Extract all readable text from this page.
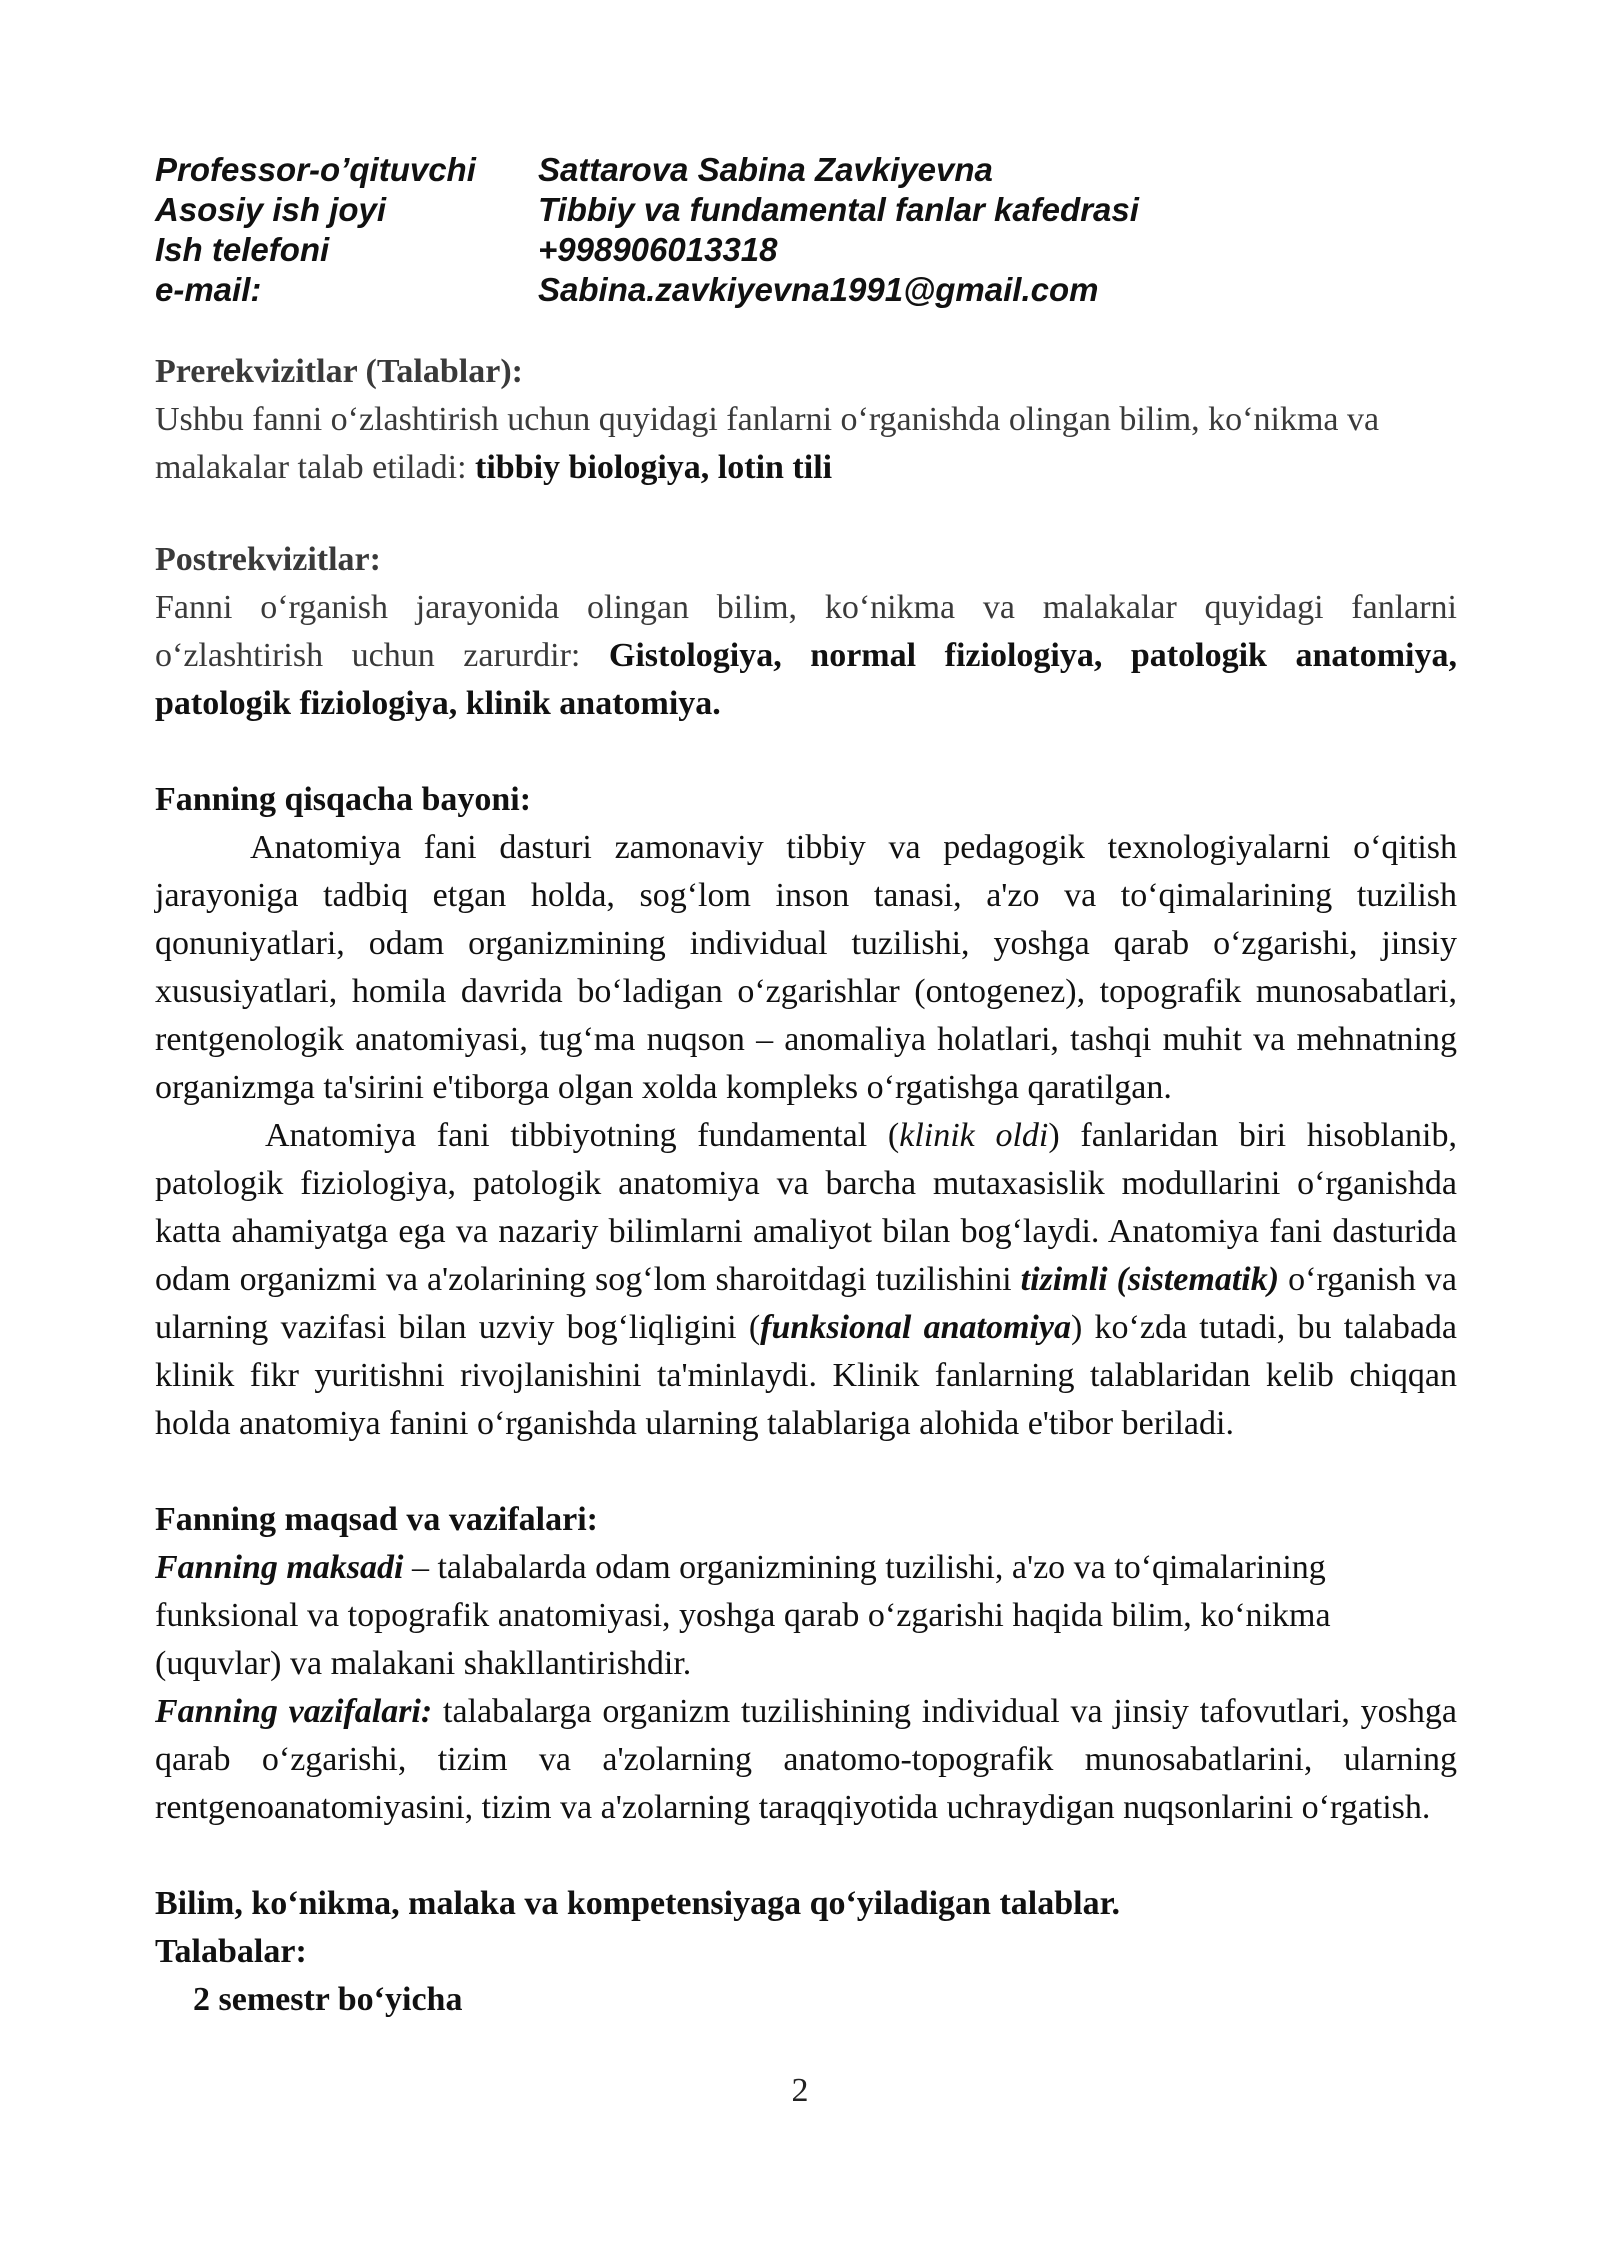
Professor-o’qituvchi	Sattarova Sabina Zavkiyevna
Asosiy ish joyi	Tibbiy va fundamental fanlar kafedrasi
Ish telefoni	+998906013318
e-mail:	Sabina.zavkiyevna1991@gmail.com

Prerekvizitlar (Talablar):

Ushbu fanni o‘zlashtirish uchun quyidagi fanlarni o‘rganishda olingan bilim, ko‘nikma va malakalar talab etiladi: tibbiy biologiya, lotin tili

Postrekvizitlar:

Fanni o‘rganish jarayonida olingan bilim, ko‘nikma va malakalar quyidagi fanlarni o‘zlashtirish uchun zarurdir: Gistologiya, normal fiziologiya, patologik anatomiya, patologik fiziologiya, klinik anatomiya.

Fanning qisqacha bayoni:

Anatomiya fani dasturi zamonaviy tibbiy va pedagogik texnologiyalarni o‘qitish jarayoniga tadbiq etgan holda, sog‘lom inson tanasi, a'zo va to‘qimalarining tuzilish qonuniyatlari, odam organizmining individual tuzilishi, yoshga qarab o‘zgarishi, jinsiy xususiyatlari, homila davrida bo‘ladigan o‘zgarishlar (ontogenez), topografik munosabatlari, rentgenologik anatomiyasi, tug‘ma nuqson – anomaliya holatlari, tashqi muhit va mehnatning organizmga ta'sirini e'tiborga olgan xolda kompleks o‘rgatishga qaratilgan.

Anatomiya fani tibbiyotning fundamental (klinik oldi) fanlaridan biri hisoblanib, patologik fiziologiya, patologik anatomiya va barcha mutaxasislik modullarini o‘rganishda katta ahamiyatga ega va nazariy bilimlarni amaliyot bilan bog‘laydi. Anatomiya fani dasturida odam organizmi va a'zolarining sog‘lom sharoitdagi tuzilishini tizimli (sistematik) o‘rganish va ularning vazifasi bilan uzviy bog‘liqligini (funksional anatomiya) ko‘zda tutadi, bu talabada klinik fikr yuritishni rivojlanishini ta'minlaydi. Klinik fanlarning talablaridan kelib chiqqan holda anatomiya fanini o‘rganishda ularning talablariga alohida e'tibor beriladi.

Fanning maqsad va vazifalari:

Fanning maksadi – talabalarda odam organizmining tuzilishi, a'zo va to‘qimalarining funksional va topografik anatomiyasi, yoshga qarab o‘zgarishi haqida bilim, ko‘nikma (uquvlar) va malakani shakllantirishdir.

Fanning vazifalari: talabalarga organizm tuzilishining individual va jinsiy tafovutlari, yoshga qarab o‘zgarishi, tizim va a'zolarning anatomo-topografik munosabatlarini, ularning rentgenoanatomiyasini, tizim va a'zolarning taraqqiyotida uchraydigan nuqsonlarini o‘rgatish.

Bilim, ko‘nikma, malaka va kompetensiyaga qo‘yiladigan talablar.

Talabalar:

2 semestr bo‘yicha

2
